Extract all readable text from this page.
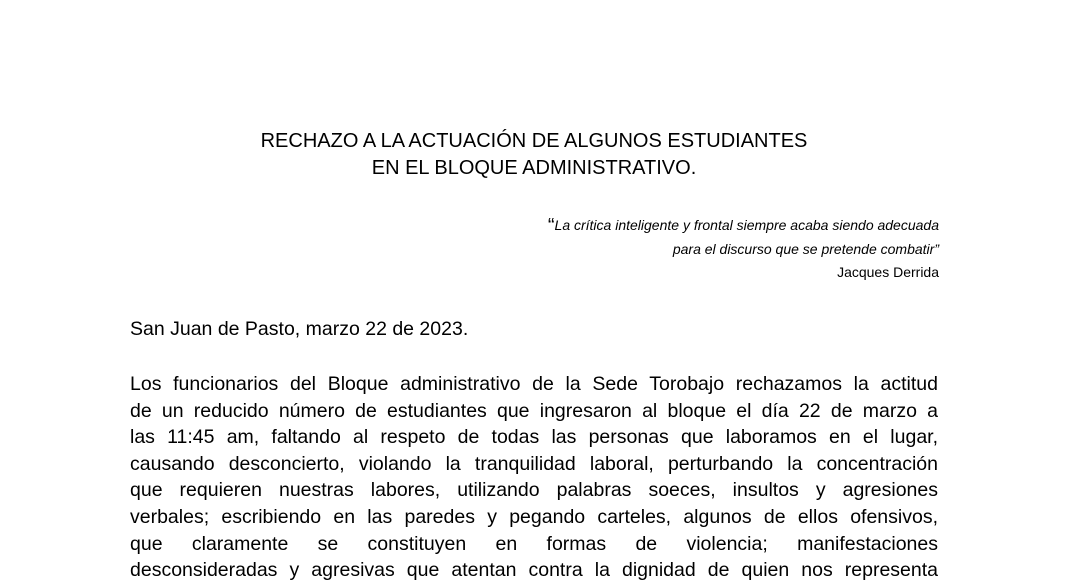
RECHAZO A LA ACTUACIÓN DE ALGUNOS ESTUDIANTES
EN EL BLOQUE ADMINISTRATIVO.
“La crítica inteligente y frontal siempre acaba siendo adecuada
para el discurso que se pretende combatir”
Jacques Derrida

San Juan de Pasto, marzo 22 de 2023.

Los funcionarios del Bloque administrativo de la Sede Torobajo rechazamos la actitud
de un reducido número de estudiantes que ingresaron al bloque el día 22 de marzo a
las 11:45 am, faltando al respeto de todas las personas que laboramos en el lugar,
causando desconcierto, violando la tranquilidad laboral, perturbando la concentración
que requieren nuestras labores, utilizando palabras soeces, insultos y agresiones
verbales; escribiendo en las paredes y pegando carteles, algunos de ellos ofensivos,
que claramente se constituyen en formas de violencia; manifestaciones
desconsideradas y agresivas que atentan contra la dignidad de quien nos representa
